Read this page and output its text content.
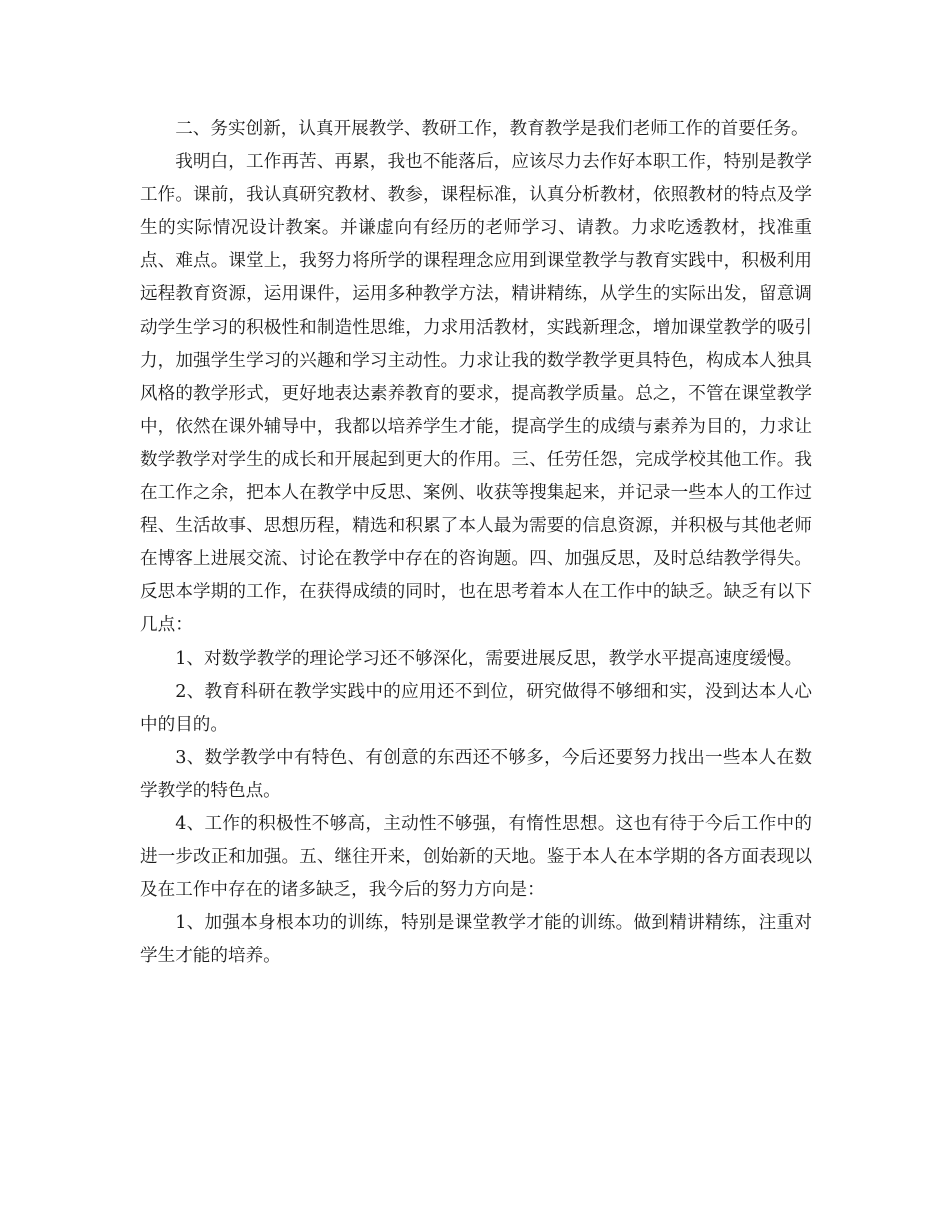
二、务实创新，认真开展教学、教研工作，教育教学是我们老师工作的首要任务。

我明白，工作再苦、再累，我也不能落后，应该尽力去作好本职工作，特别是教学工作。课前，我认真研究教材、教参，课程标准，认真分析教材，依照教材的特点及学生的实际情况设计教案。并谦虚向有经历的老师学习、请教。力求吃透教材，找准重点、难点。课堂上，我努力将所学的课程理念应用到课堂教学与教育实践中，积极利用远程教育资源，运用课件，运用多种教学方法，精讲精练，从学生的实际出发，留意调动学生学习的积极性和制造性思维，力求用活教材，实践新理念，增加课堂教学的吸引力，加强学生学习的兴趣和学习主动性。力求让我的数学教学更具特色，构成本人独具风格的教学形式，更好地表达素养教育的要求，提高教学质量。总之，不管在课堂教学中，依然在课外辅导中，我都以培养学生才能，提高学生的成绩与素养为目的，力求让数学教学对学生的成长和开展起到更大的作用。三、任劳任怨，完成学校其他工作。我在工作之余，把本人在教学中反思、案例、收获等搜集起来，并记录一些本人的工作过程、生活故事、思想历程，精选和积累了本人最为需要的信息资源，并积极与其他老师在博客上进展交流、讨论在教学中存在的咨询题。四、加强反思，及时总结教学得失。反思本学期的工作，在获得成绩的同时，也在思考着本人在工作中的缺乏。缺乏有以下几点：

1、对数学教学的理论学习还不够深化，需要进展反思，教学水平提高速度缓慢。

2、教育科研在教学实践中的应用还不到位，研究做得不够细和实，没到达本人心中的目的。

3、数学教学中有特色、有创意的东西还不够多，今后还要努力找出一些本人在数学教学的特色点。

4、工作的积极性不够高，主动性不够强，有惰性思想。这也有待于今后工作中的进一步改正和加强。五、继往开来，创始新的天地。鉴于本人在本学期的各方面表现以及在工作中存在的诸多缺乏，我今后的努力方向是：

1、加强本身根本功的训练，特别是课堂教学才能的训练。做到精讲精练，注重对学生才能的培养。
